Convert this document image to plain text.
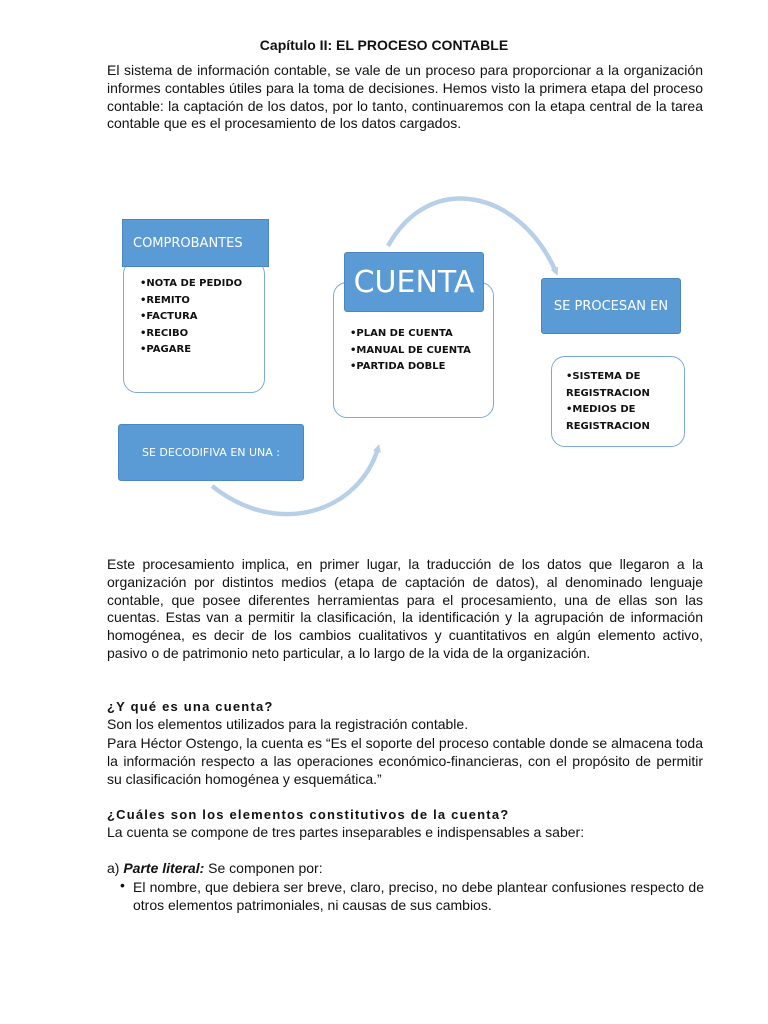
Capítulo II: EL PROCESO CONTABLE

El sistema de información contable, se vale de un proceso para proporcionar a la organización informes contables útiles para la toma de decisiones. Hemos visto la primera etapa del proceso contable: la captación de los datos, por lo tanto, continuaremos con la etapa central de la tarea contable que es el procesamiento de los datos cargados.

•NOTA DE PEDIDO
•REMITO
•FACTURA
•RECIBO
•PAGARE
COMPROBANTES
•PLAN DE CUENTA
•MANUAL DE CUENTA
•PARTIDA DOBLE
CUENTA
•SISTEMA DE REGISTRACION
•MEDIOS DE REGISTRACION
SE PROCESAN EN
SE DECODIFIVA EN UNA :

Este procesamiento implica, en primer lugar, la traducción de los datos que llegaron a la organización por distintos medios (etapa de captación de datos), al denominado lenguaje contable, que posee diferentes herramientas para el procesamiento, una de ellas son las cuentas. Estas van a permitir la clasificación, la identificación y la agrupación de información homogénea, es decir de los cambios cualitativos y cuantitativos en algún elemento activo, pasivo o de patrimonio neto particular, a lo largo de la vida de la organización.

¿Y qué es una cuenta?

Son los elementos utilizados para la registración contable.

Para Héctor Ostengo, la cuenta es “Es el soporte del proceso contable donde se almacena toda la información respecto a las operaciones económico-financieras, con el propósito de permitir su clasificación homogénea y esquemática.”

¿Cuáles son los elementos constitutivos de la cuenta?

La cuenta se compone de tres partes inseparables e indispensables a saber:

a) Parte literal: Se componen por:

• El nombre, que debiera ser breve, claro, preciso, no debe plantear confusiones respecto de otros elementos patrimoniales, ni causas de sus cambios.
